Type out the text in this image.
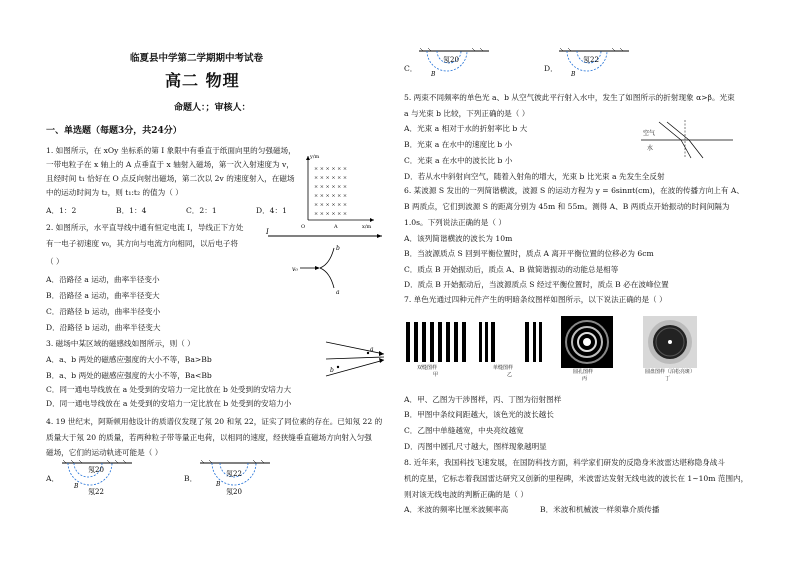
临夏县中学第二学期期中考试卷
高二 物理
命题人：；审核人：
一、单选题（每题3分，共24分）
1. 如图所示，在 xOy 坐标系的第 I 象限中有垂直于纸面向里的匀强磁场，
一带电粒子在 x 轴上的 A 点垂直于 x 轴射入磁场，第一次入射速度为 v，
且经时间 t₁ 恰好在 O 点反向射出磁场，第二次以 2v 的速度射入，在磁场
中的运动时间为 t₂，则 t₁:t₂ 的值为（ ）
A．1：2	B．1：4	C．2：1	D．4：1
× × × × × ×
× × × × × ×
× × × × × ×
× × × × × ×
× × × × × ×
× × × × × ×
y/m
x/m
O	A
2. 如图所示，水平直导线中通有恒定电流 I，导线正下方处
有一电子初速度 v₀，其方向与电流方向相同，以后电子将
（ ）
A．沿路径 a 运动，曲率半径变小
B．沿路径 a 运动，曲率半径变大
C．沿路径 b 运动，曲率半径变小
D．沿路径 b 运动，曲率半径变大
I
v₀
b
a
3. 磁场中某区域的磁感线如图所示，则（ ）
A．a、b 两处的磁感应强度的大小不等，Ba>Bb
B．a、b 两处的磁感应强度的大小不等，Ba<Bb
C．同一通电导线放在 a 处受到的安培力一定比放在 b 处受到的安培力大
D．同一通电导线放在 a 处受到的安培力一定比放在 b 处受到的安培力小
a
b
4. 19 世纪末，阿斯顿用他设计的质谱仪发现了氖 20 和氖 22，证实了同位素的存在。已知氖 22 的
质量大于氖 20 的质量，若两种粒子带等量正电荷，以相同的速度，经狭缝垂直磁场方向射入匀强
磁场，它们的运动轨迹可能是（ ）
A．
氖20
氖22
B
B．	氖22
氖20
B
C．
氖20
B
D．
氖22
B
5. 两束不同频率的单色光 a、b 从空气彼此平行射入水中，发生了如图所示的折射现象 α>β。光束
a 与光束 b 比较，下列正确的是（ ）
A．光束 a 相对于水的折射率比 b 大
B．光束 a 在水中的速度比 b 小
C．光束 a 在水中的波长比 b 小
D．若从水中斜射向空气，随着入射角的增大，光束 b 比光束 a 先发生全反射
空气
水
6. 某波源 S 发出的一列简谐横波，波源 S 的运动方程为 y = 6sinπt(cm)，在波的传播方向上有 A、
B 两质点，它们到波源 S 的距离分别为 45m 和 55m。测得 A、B 两质点开始振动的时间间隔为
1.0s。下列说法正确的是（ ）
A．该列简谐横波的波长为 10m
B．当波源质点 S 回到平衡位置时，质点 A 离开平衡位置的位移必为 6cm
C．质点 B 开始振动后，质点 A、B 做简谐振动的动能总是相等
D．质点 B 开始振动后，当波源质点 S 经过平衡位置时，质点 B 必在波峰位置
7. 单色光通过四种元件产生的明暗条纹图样如图所示，以下说法正确的是（ ）
双缝图样
甲
单缝图样
乙	圆孔图样
丙
圆盘图样（泊松亮斑）
丁
A．甲、乙图为干涉图样，丙、丁图为衍射图样
B．甲图中条纹间距越大，该色光的波长越长
C．乙图中单缝越宽，中央亮纹越宽
D．丙图中圆孔尺寸越大，图样现象越明显
8. 近年来，我国科技飞速发展，在国防科技方面，科学家们研发的反隐身米波雷达堪称隐身战斗
机的克星，它标志着我国雷达研究又创新的里程碑，米波雷达发射无线电波的波长在 1~10m 范围内，
则对该无线电波的判断正确的是（ ）
A．米波的频率比厘米波频率高	B．米波和机械波一样须靠介质传播
